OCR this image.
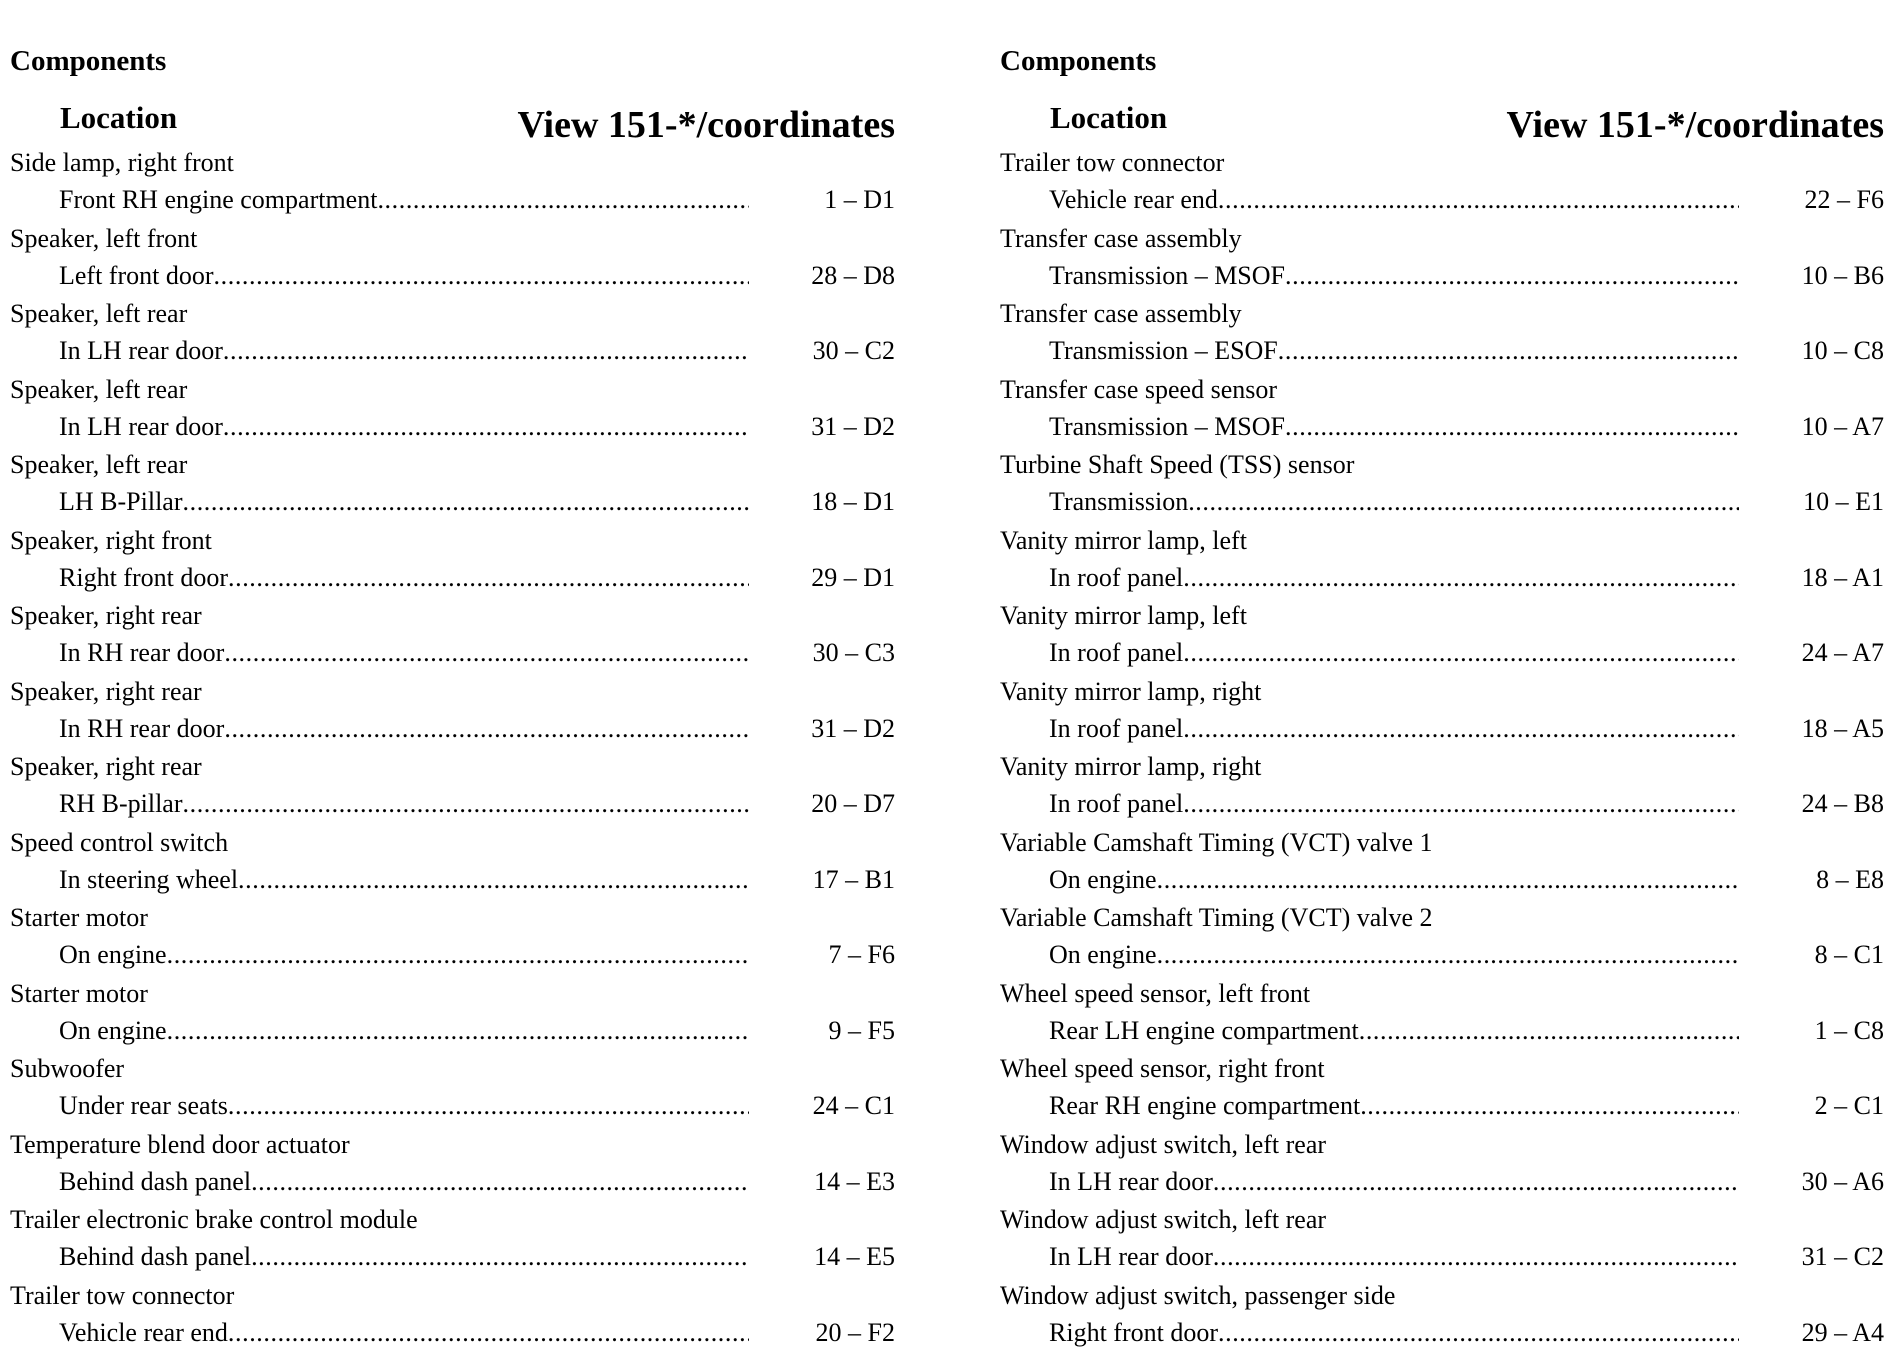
Components
Location	View 151-*/coordinates
Side lamp, right front
Front RH engine compartment .....	1 – D1
Speaker, left front
Left front door .....	28 – D8
Speaker, left rear
In LH rear door .....	30 – C2
Speaker, left rear
In LH rear door .....	31 – D2
Speaker, left rear
LH B-Pillar .....	18 – D1
Speaker, right front
Right front door .....	29 – D1
Speaker, right rear
In RH rear door .....	30 – C3
Speaker, right rear
In RH rear door .....	31 – D2
Speaker, right rear
RH B-pillar .....	20 – D7
Speed control switch
In steering wheel .....	17 – B1
Starter motor
On engine .....	7 – F6
Starter motor
On engine .....	9 – F5
Subwoofer
Under rear seats .....	24 – C1
Temperature blend door actuator
Behind dash panel .....	14 – E3
Trailer electronic brake control module
Behind dash panel .....	14 – E5
Trailer tow connector
Vehicle rear end .....	20 – F2
Components
Location	View 151-*/coordinates
Trailer tow connector
Vehicle rear end .....	22 – F6
Transfer case assembly
Transmission – MSOF .....	10 – B6
Transfer case assembly
Transmission – ESOF .....	10 – C8
Transfer case speed sensor
Transmission – MSOF .....	10 – A7
Turbine Shaft Speed (TSS) sensor
Transmission .....	10 – E1
Vanity mirror lamp, left
In roof panel .....	18 – A1
Vanity mirror lamp, left
In roof panel .....	24 – A7
Vanity mirror lamp, right
In roof panel .....	18 – A5
Vanity mirror lamp, right
In roof panel .....	24 – B8
Variable Camshaft Timing (VCT) valve 1
On engine .....	8 – E8
Variable Camshaft Timing (VCT) valve 2
On engine .....	8 – C1
Wheel speed sensor, left front
Rear LH engine compartment .....	1 – C8
Wheel speed sensor, right front
Rear RH engine compartment .....	2 – C1
Window adjust switch, left rear
In LH rear door .....	30 – A6
Window adjust switch, left rear
In LH rear door .....	31 – C2
Window adjust switch, passenger side
Right front door .....	29 – A4
